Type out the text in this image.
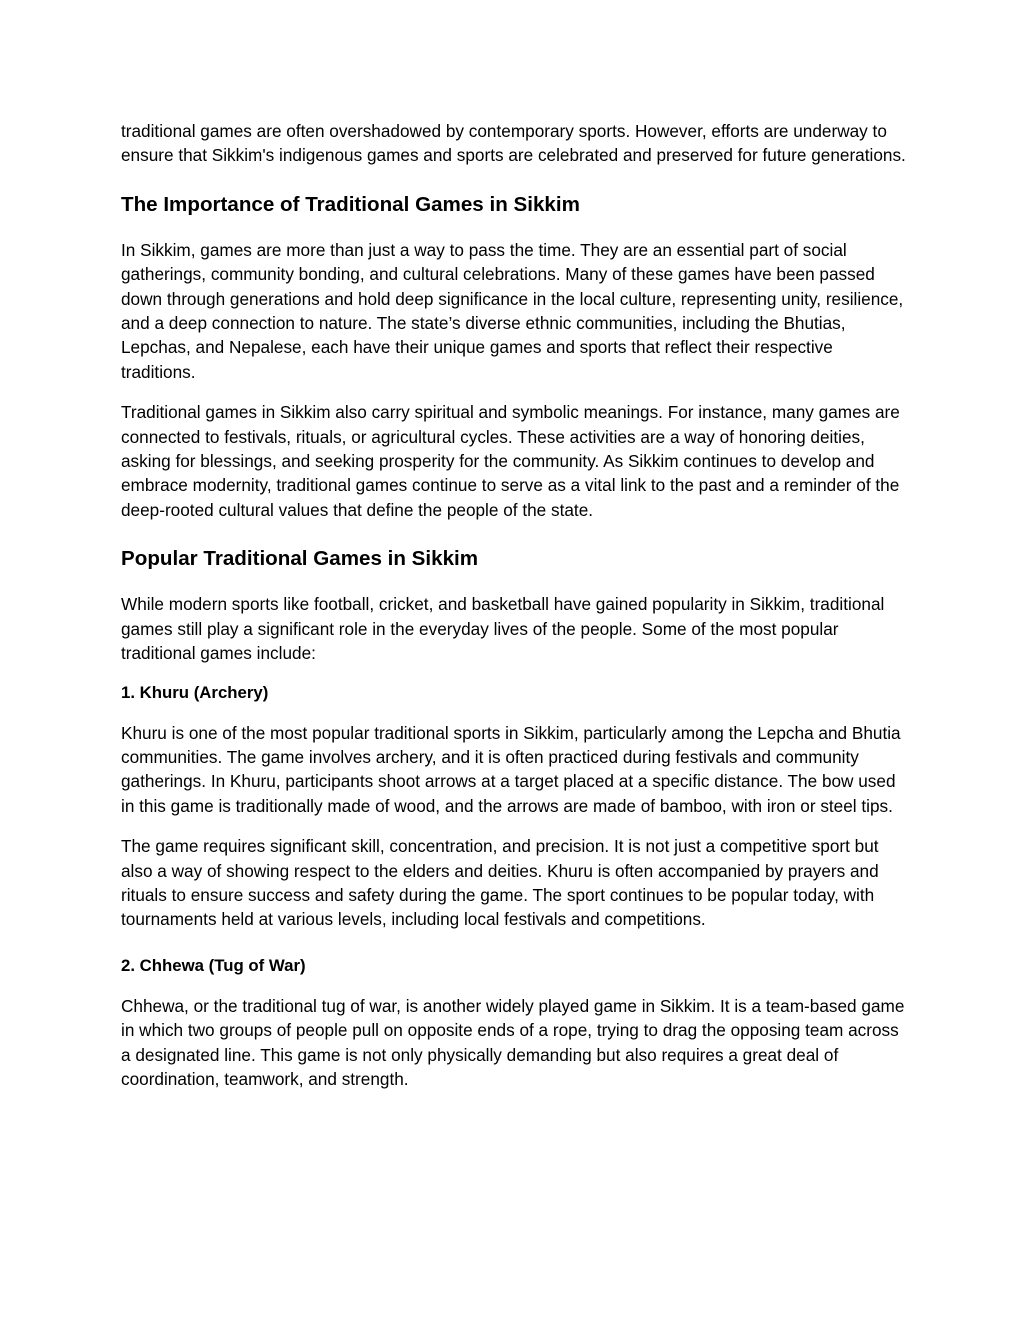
traditional games are often overshadowed by contemporary sports. However, efforts are underway to ensure that Sikkim's indigenous games and sports are celebrated and preserved for future generations.

The Importance of Traditional Games in Sikkim

In Sikkim, games are more than just a way to pass the time. They are an essential part of social gatherings, community bonding, and cultural celebrations. Many of these games have been passed down through generations and hold deep significance in the local culture, representing unity, resilience, and a deep connection to nature. The state’s diverse ethnic communities, including the Bhutias, Lepchas, and Nepalese, each have their unique games and sports that reflect their respective traditions.

Traditional games in Sikkim also carry spiritual and symbolic meanings. For instance, many games are connected to festivals, rituals, or agricultural cycles. These activities are a way of honoring deities, asking for blessings, and seeking prosperity for the community. As Sikkim continues to develop and embrace modernity, traditional games continue to serve as a vital link to the past and a reminder of the deep-rooted cultural values that define the people of the state.

Popular Traditional Games in Sikkim

While modern sports like football, cricket, and basketball have gained popularity in Sikkim, traditional games still play a significant role in the everyday lives of the people. Some of the most popular traditional games include:

1. Khuru (Archery)

Khuru is one of the most popular traditional sports in Sikkim, particularly among the Lepcha and Bhutia communities. The game involves archery, and it is often practiced during festivals and community gatherings. In Khuru, participants shoot arrows at a target placed at a specific distance. The bow used in this game is traditionally made of wood, and the arrows are made of bamboo, with iron or steel tips.

The game requires significant skill, concentration, and precision. It is not just a competitive sport but also a way of showing respect to the elders and deities. Khuru is often accompanied by prayers and rituals to ensure success and safety during the game. The sport continues to be popular today, with tournaments held at various levels, including local festivals and competitions.

2. Chhewa (Tug of War)

Chhewa, or the traditional tug of war, is another widely played game in Sikkim. It is a team-based game in which two groups of people pull on opposite ends of a rope, trying to drag the opposing team across a designated line. This game is not only physically demanding but also requires a great deal of coordination, teamwork, and strength.
